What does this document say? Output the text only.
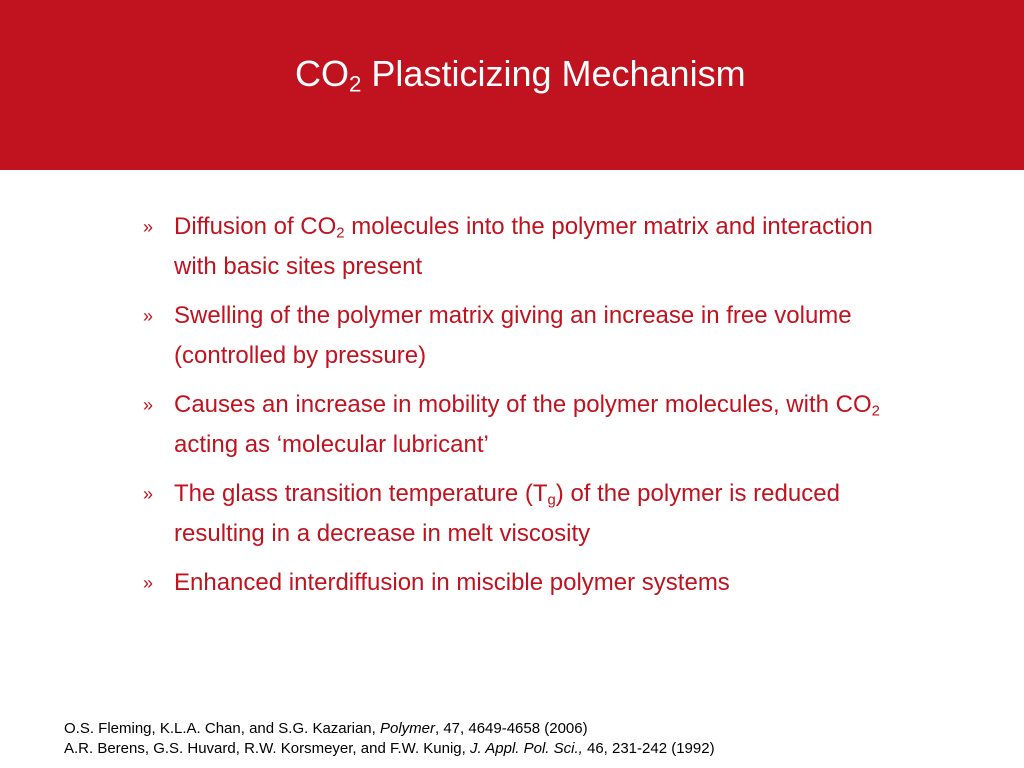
$CO_2$ Plasticizing Mechanism
» Diffusion of $CO_2$ molecules into the polymer matrix and interaction with basic sites present
» Swelling of the polymer matrix giving an increase in free volume (controlled by pressure)
» Causes an increase in mobility of the polymer molecules, with $CO_2$ acting as ‘molecular lubricant’
» The glass transition temperature $(T_g)$ of the polymer is reduced resulting in a decrease in melt viscosity
» Enhanced interdiffusion in miscible polymer systems
O.S. Fleming, K.L.A. Chan, and S.G. Kazarian, Polymer, 47, 4649-4658 (2006)
A.R. Berens, G.S. Huvard, R.W. Korsmeyer, and F.W. Kunig, J. Appl. Pol. Sci., 46, 231-242 (1992)
